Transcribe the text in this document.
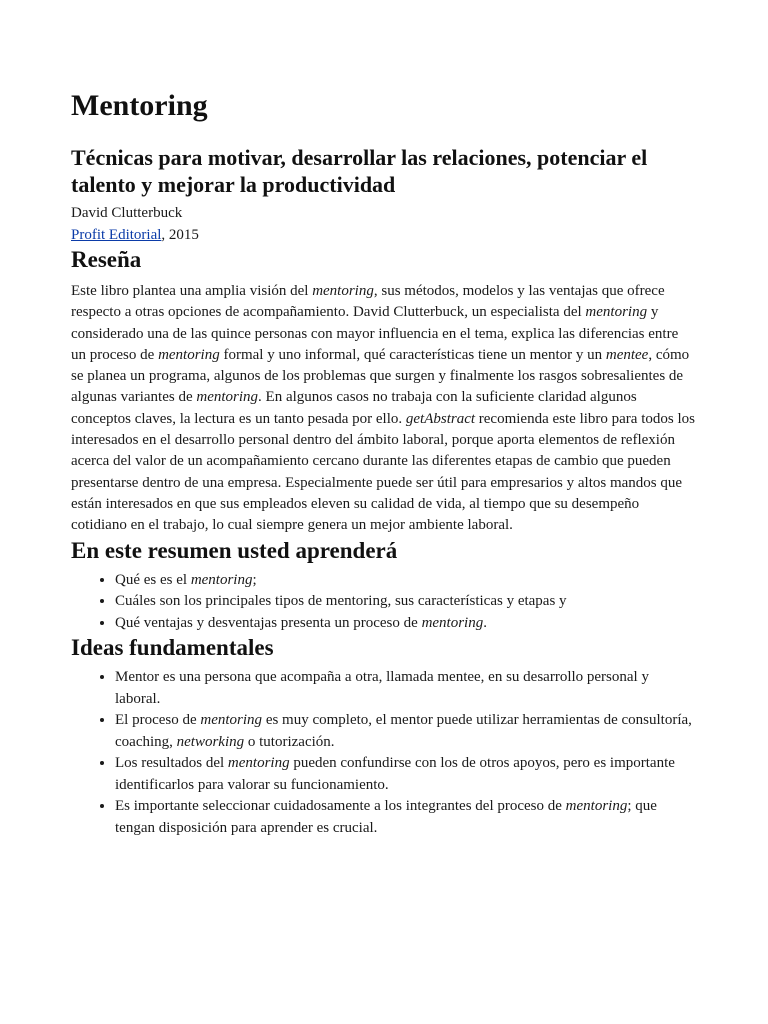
Mentoring
Técnicas para motivar, desarrollar las relaciones, potenciar el talento y mejorar la productividad
David Clutterbuck
Profit Editorial, 2015
Reseña

Este libro plantea una amplia visión del mentoring, sus métodos, modelos y las ventajas que ofrece respecto a otras opciones de acompañamiento. David Clutterbuck, un especialista del mentoring y considerado una de las quince personas con mayor influencia en el tema, explica las diferencias entre un proceso de mentoring formal y uno informal, qué características tiene un mentor y un mentee, cómo se planea un programa, algunos de los problemas que surgen y finalmente los rasgos sobresalientes de algunas variantes de mentoring. En algunos casos no trabaja con la suficiente claridad algunos conceptos claves, la lectura es un tanto pesada por ello. getAbstract recomienda este libro para todos los interesados en el desarrollo personal dentro del ámbito laboral, porque aporta elementos de reflexión acerca del valor de un acompañamiento cercano durante las diferentes etapas de cambio que pueden presentarse dentro de una empresa. Especialmente puede ser útil para empresarios y altos mandos que están interesados en que sus empleados eleven su calidad de vida, al tiempo que su desempeño cotidiano en el trabajo, lo cual siempre genera un mejor ambiente laboral.

En este resumen usted aprenderá
• Qué es es el mentoring;
• Cuáles son los principales tipos de mentoring, sus características y etapas y
• Qué ventajas y desventajas presenta un proceso de mentoring.
Ideas fundamentales
• Mentor es una persona que acompaña a otra, llamada mentee, en su desarrollo personal y laboral.
• El proceso de mentoring es muy completo, el mentor puede utilizar herramientas de consultoría, coaching, networking o tutorización.
• Los resultados del mentoring pueden confundirse con los de otros apoyos, pero es importante identificarlos para valorar su funcionamiento.
• Es importante seleccionar cuidadosamente a los integrantes del proceso de mentoring; que tengan disposición para aprender es crucial.
